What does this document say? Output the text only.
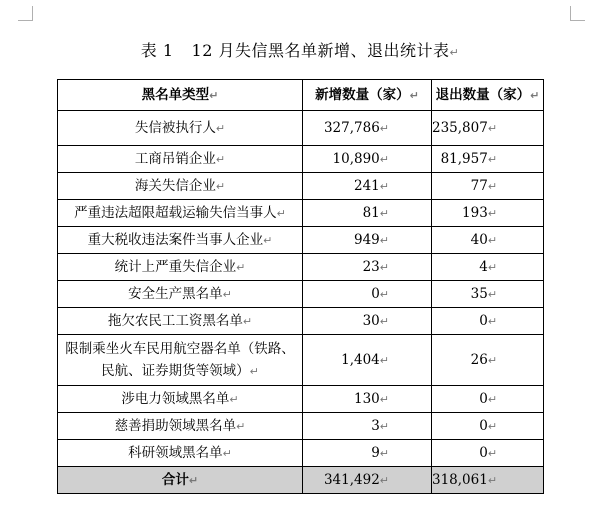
表 1 12 月失信黑名单新增、退出统计表↵
黑名单类型↵	新增数量（家）↵	退出数量（家）↵
失信被执行人↵	327,786↵	235,807↵
工商吊销企业↵	10,890↵	81,957↵
海关失信企业↵	241↵	77↵
严重违法超限超载运输失信当事人↵	81↵	193↵
重大税收违法案件当事人企业↵	949↵	40↵
统计上严重失信企业↵	23↵	4↵
安全生产黑名单↵	0↵	35↵
拖欠农民工工资黑名单↵	30↵	0↵
限制乘坐火车民用航空器名单（铁路、民航、证券期货等领域）↵	1,404↵	26↵
涉电力领域黑名单↵	130↵	0↵
慈善捐助领域黑名单↵	3↵	0↵
科研领域黑名单↵	9↵	0↵
合计↵	341,492↵	318,061↵
